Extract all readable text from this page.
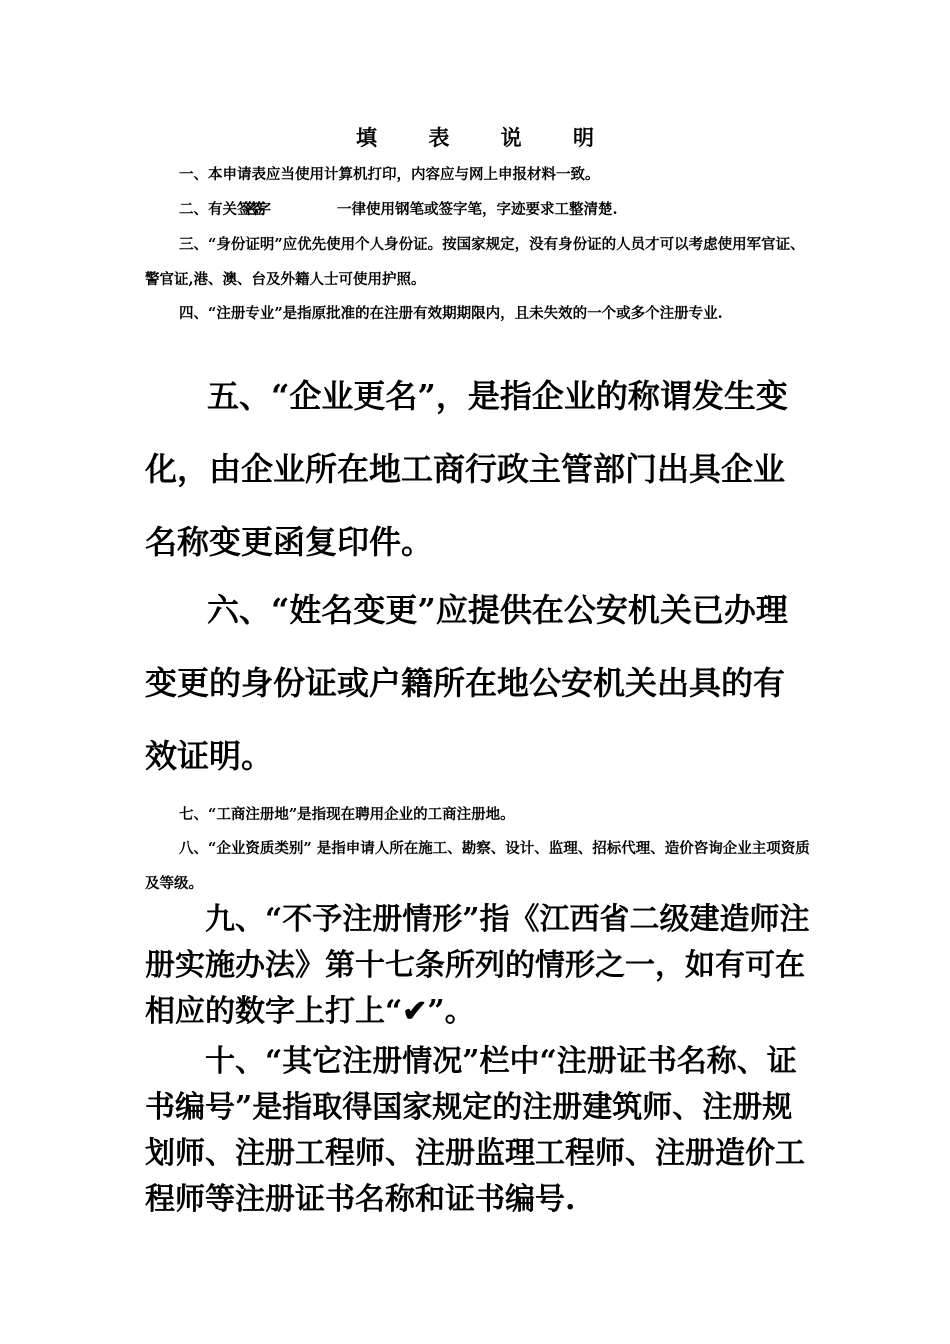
填 表 说 明

一、本申请表应当使用计算机打印，内容应与网上申报材料一致。

二、有关签名签字	一律使用钢笔或签字笔，字迹要求工整清楚.

三、“身份证明”应优先使用个人身份证。按国家规定，没有身份证的人员才可以考虑使用军官证、警官证,港、澳、台及外籍人士可使用护照。

四、“注册专业”是指原批准的在注册有效期期限内，且未失效的一个或多个注册专业.

五、“企业更名”，是指企业的称谓发生变化，由企业所在地工商行政主管部门出具企业名称变更函复印件。

六、“姓名变更”应提供在公安机关已办理变更的身份证或户籍所在地公安机关出具的有效证明。

七、“工商注册地”是指现在聘用企业的工商注册地。

八、“企业资质类别” 是指申请人所在施工、勘察、设计、监理、招标代理、造价咨询企业主项资质及等级。

九、“不予注册情形”指《江西省二级建造师注册实施办法》第十七条所列的情形之一，如有可在相应的数字上打上“✔”。

十、“其它注册情况”栏中“注册证书名称、证书编号”是指取得国家规定的注册建筑师、注册规划师、注册工程师、注册监理工程师、注册造价工程师等注册证书名称和证书编号.
